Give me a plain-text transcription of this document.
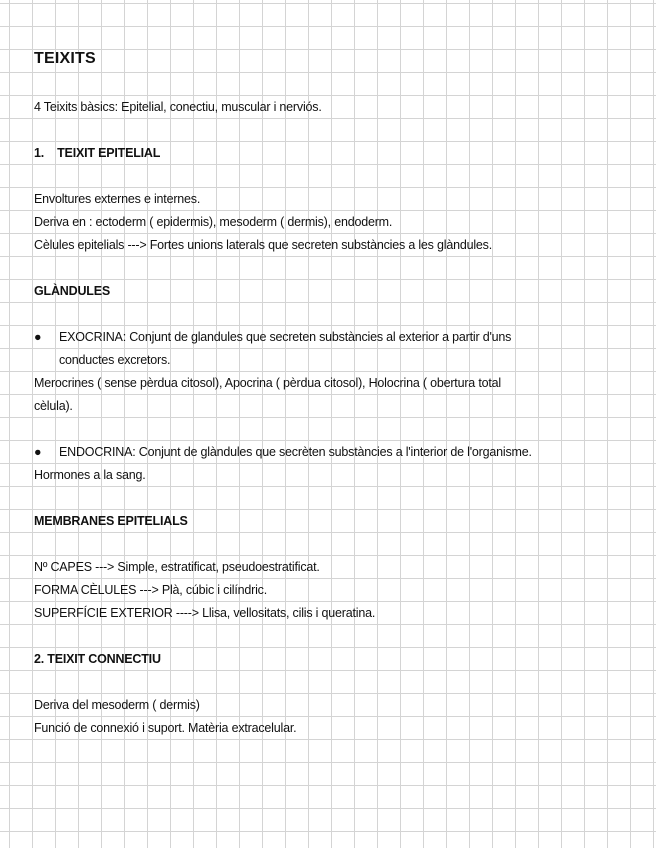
TEIXITS
4 Teixits bàsics: Epitelial, conectiu, muscular i nerviós.
1. TEIXIT EPITELIAL
Envoltures externes e internes.
Deriva en : ectoderm ( epidermis), mesoderm ( dermis), endoderm.
Cèlules epitelials ---> Fortes unions laterals que secreten substàncies a les glàndules.
GLÀNDULES
● EXOCRINA: Conjunt de glandules que secreten substàncies al exterior a partir d'uns
conductes excretors.
Merocrines ( sense pèrdua citosol), Apocrina ( pèrdua citosol), Holocrina ( obertura total
cèlula).
● ENDOCRINA: Conjunt de glàndules que secrèten substàncies a l'interior de l'organisme.
Hormones a la sang.
MEMBRANES EPITELIALS
Nº CAPES ---> Simple, estratificat, pseudoestratificat.
FORMA CÈLULES ---> Plà, cúbic i cilíndric.
SUPERFÍCIE EXTERIOR ----> Llisa, vellositats, cilis i queratina.
2. TEIXIT CONNECTIU
Deriva del mesoderm ( dermis)
Funció de connexió i suport. Matèria extracelular.
